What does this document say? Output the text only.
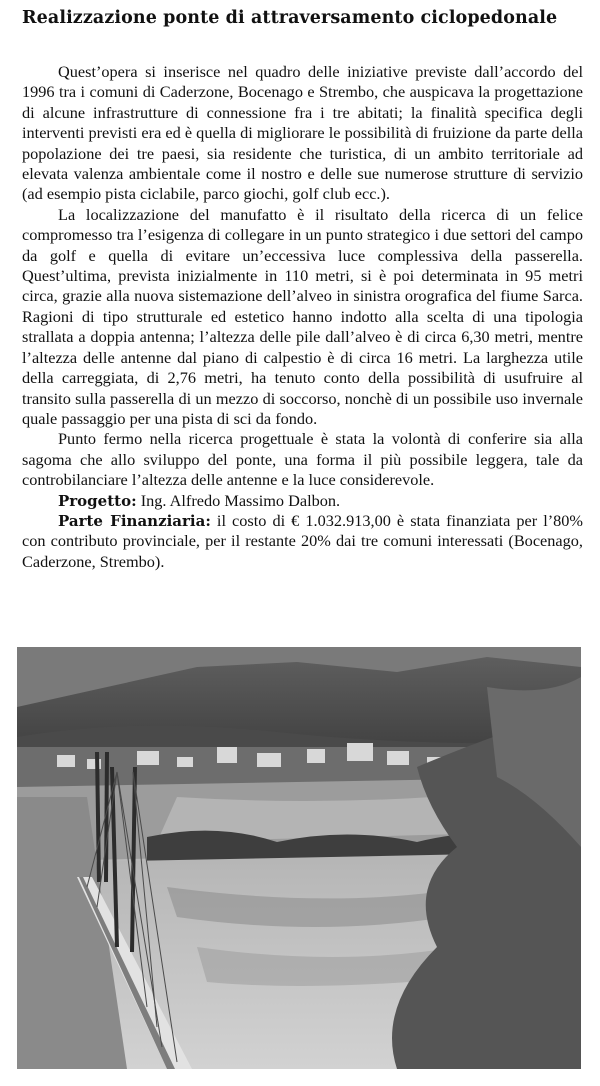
Realizzazione ponte di attraversamento ciclopedonale

Quest’opera si inserisce nel quadro delle iniziative previste dall’accordo del 1996 tra i comuni di Caderzone, Bocenago e Strembo, che auspicava la progettazione di alcune infrastrutture di connessione fra i tre abitati; la finalità specifica degli interventi previsti era ed è quella di migliorare le possibilità di fruizione da parte della popolazione dei tre paesi, sia residente che turistica, di un ambito territoriale ad elevata valenza ambientale come il nostro e delle sue numerose strutture di servizio (ad esempio pista ciclabile, parco giochi, golf club ecc.).

La localizzazione del manufatto è il risultato della ricerca di un felice compromesso tra l’esigenza di collegare in un punto strategico i due settori del campo da golf e quella di evitare un’eccessiva luce complessiva della passerella. Quest’ultima, prevista inizialmente in 110 metri, si è poi determinata in 95 metri circa, grazie alla nuova sistemazione dell’alveo in sinistra orografica del fiume Sarca. Ragioni di tipo strutturale ed estetico hanno indotto alla scelta di una tipologia strallata a doppia antenna; l’altezza delle pile dall’alveo è di circa 6,30 metri, mentre l’altezza delle antenne dal piano di calpestio è di circa 16 metri. La larghezza utile della carreggiata, di 2,76 metri, ha tenuto conto della possibilità di usufruire al transito sulla passerella di un mezzo di soccorso, nonchè di un possibile uso invernale quale passaggio per una pista di sci da fondo.

Punto fermo nella ricerca progettuale è stata la volontà di conferire sia alla sagoma che allo sviluppo del ponte, una forma il più possibile leggera, tale da controbilanciare l’altezza delle antenne e la luce considerevole.

Progetto: Ing. Alfredo Massimo Dalbon.

Parte Finanziaria: il costo di € 1.032.913,00 è stata finanziata per l’80% con contributo provinciale, per il restante 20% dai tre comuni interessati (Bocenago, Caderzone, Strembo).
